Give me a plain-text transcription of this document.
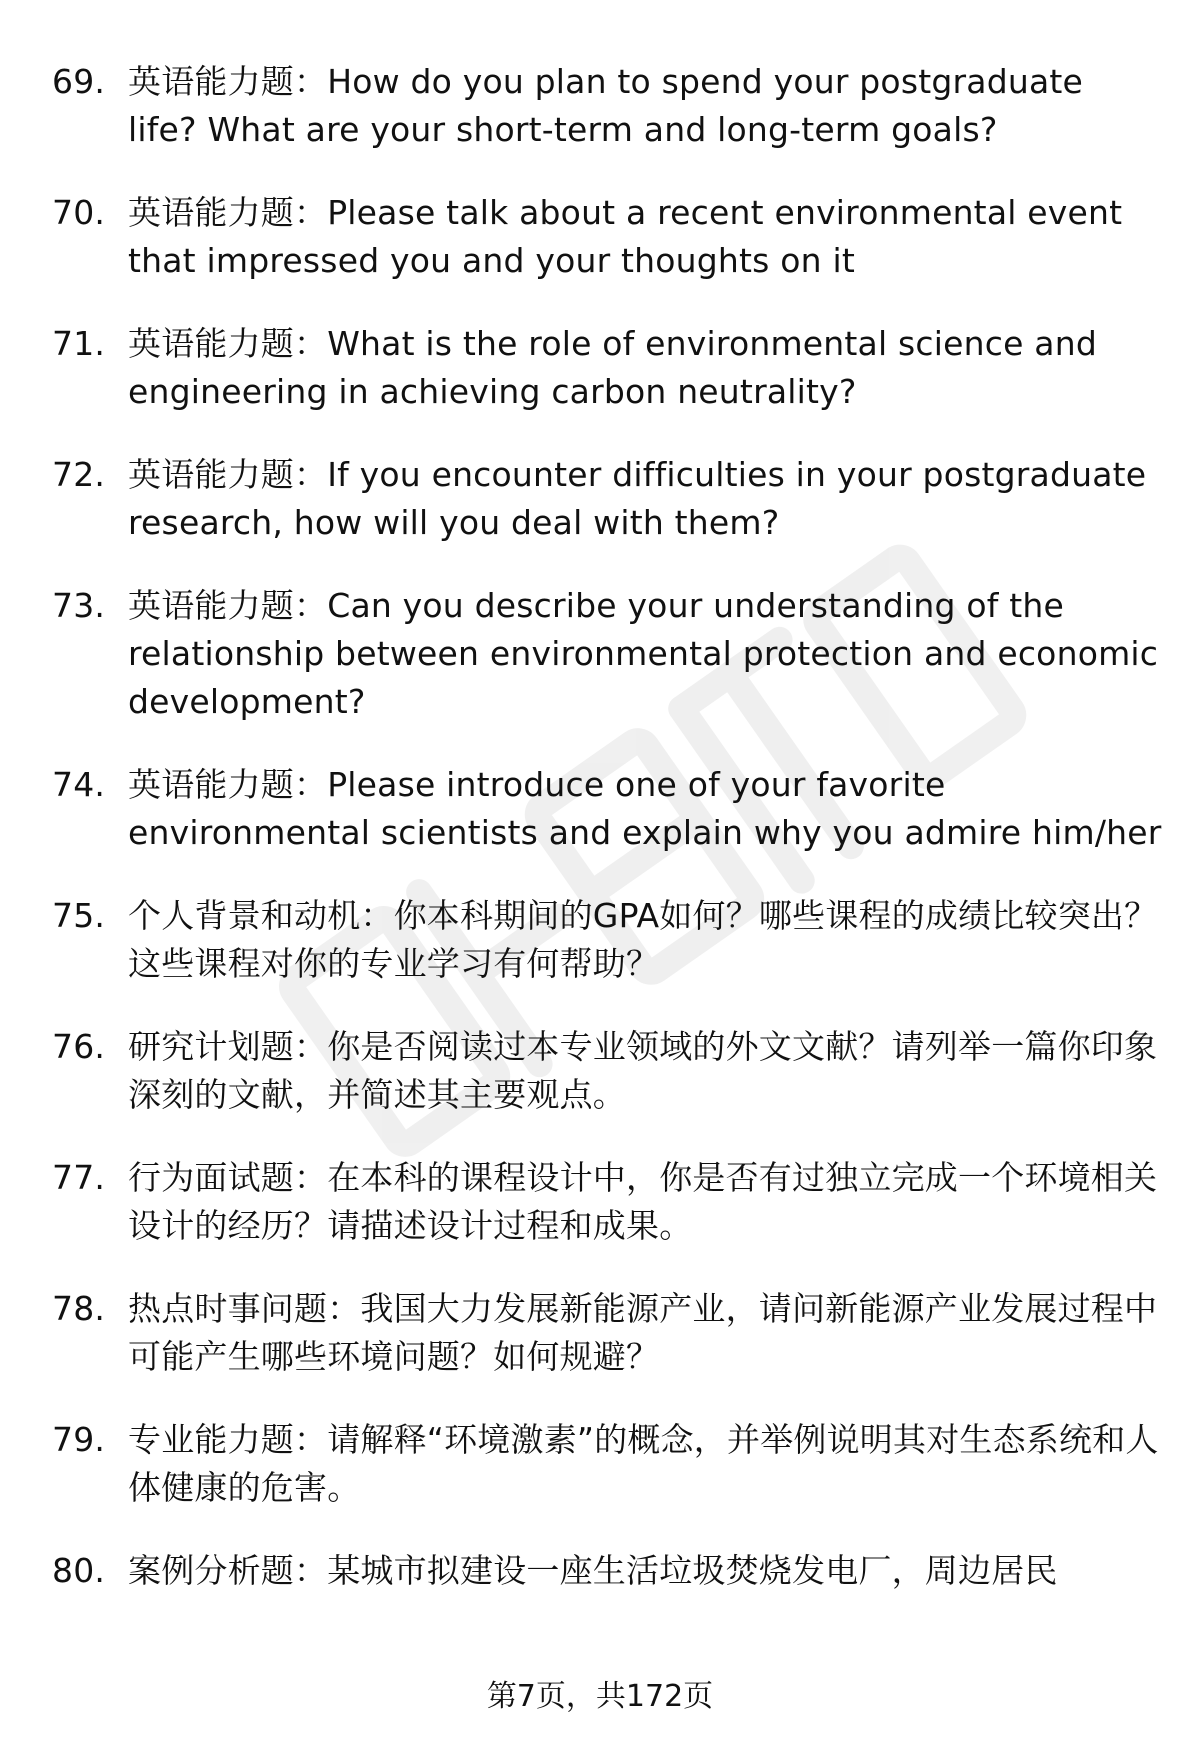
69. 英语能力题：How do you plan to spend your postgraduate life? What are your short-term and long-term goals?
70. 英语能力题：Please talk about a recent environmental event that impressed you and your thoughts on it
71. 英语能力题：What is the role of environmental science and engineering in achieving carbon neutrality?
72. 英语能力题：If you encounter difficulties in your postgraduate research, how will you deal with them?
73. 英语能力题：Can you describe your understanding of the relationship between environmental protection and economic development?
74. 英语能力题：Please introduce one of your favorite environmental scientists and explain why you admire him/her
75. 个人背景和动机：你本科期间的GPA如何？哪些课程的成绩比较突出？这些课程对你的专业学习有何帮助？
76. 研究计划题：你是否阅读过本专业领域的外文文献？请列举一篇你印象深刻的文献，并简述其主要观点。
77. 行为面试题：在本科的课程设计中，你是否有过独立完成一个环境相关设计的经历？请描述设计过程和成果。
78. 热点时事问题：我国大力发展新能源产业，请问新能源产业发展过程中可能产生哪些环境问题？如何规避？
79. 专业能力题：请解释“环境激素”的概念，并举例说明其对生态系统和人体健康的危害。
80. 案例分析题：某城市拟建设一座生活垃圾焚烧发电厂，周边居民
第7页，共172页
